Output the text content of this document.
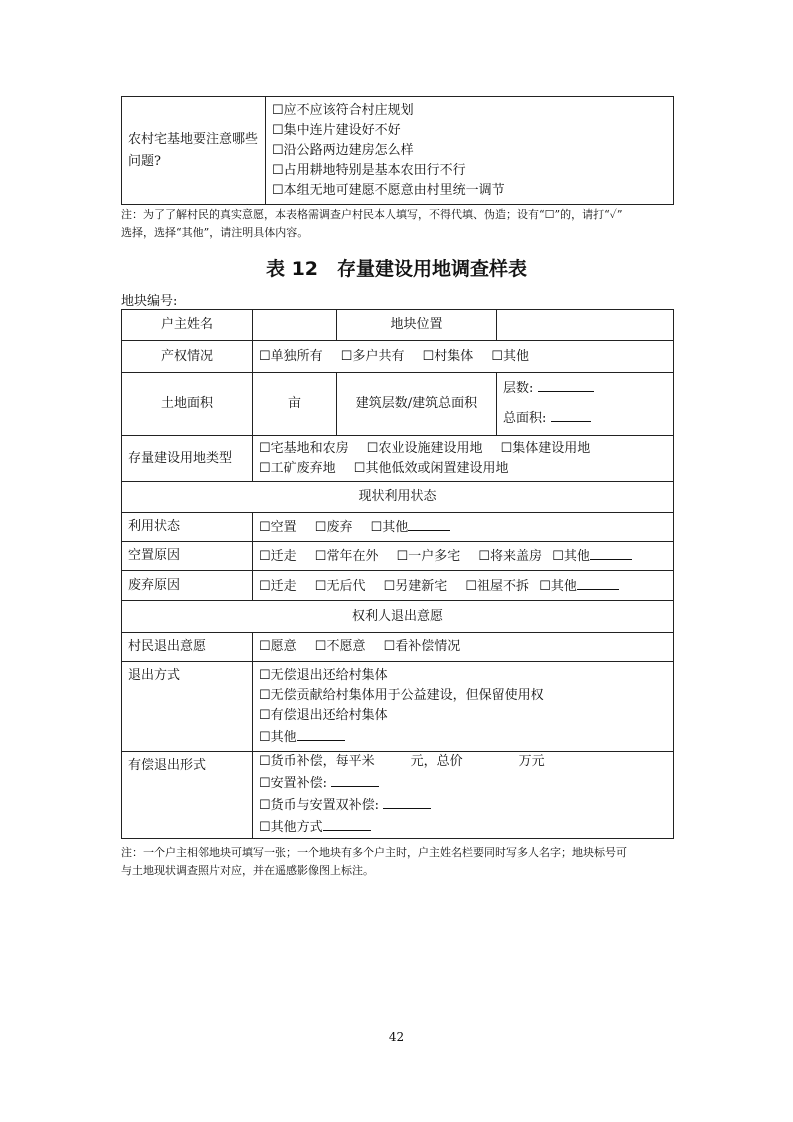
农村宅基地要注意哪些问题?	
☐应不应该符合村庄规划
☐集中连片建设好不好
☐沿公路两边建房怎么样
☐占用耕地特别是基本农田行不行
☐本组无地可建愿不愿意由村里统一调节
注：为了了解村民的真实意愿，本表格需调查户村民本人填写，不得代填、伪造；设有“☐”的，请打“✓”
选择，选择“其他”，请注明具体内容。
表 12　存量建设用地调查样表
地块编号:
户主姓名		地块位置	
产权情况	☐单独所有 ☐多户共有 ☐村集体 ☐其他		
土地面积	亩	建筑层数/建筑总面积	层数:
总面积:

存量建设用地类型	☐宅基地和农房 ☐农业设施建设用地 ☐集体建设用地
☐工矿废弃地 ☐其他低效或闲置建设用地		

现状利用状态			
利用状态	☐空置 ☐废弃 ☐其他		
空置原因	☐迁走 ☐常年在外 ☐一户多宅 ☐将来盖房 ☐其他		
废弃原因	☐迁走 ☐无后代 ☐另建新宅 ☐祖屋不拆 ☐其他		
权利人退出意愿			
村民退出意愿	☐愿意 ☐不愿意 ☐看补偿情况		
退出方式	☐无偿退出还给村集体
☐无偿贡献给村集体用于公益建设，但保留使用权
☐有偿退出还给村集体
☐其他		

有偿退出形式	☐货币补偿，每平米 元，总价 万元
☐安置补偿:
☐货币与安置双补偿:
☐其他方式		
注：一个户主相邻地块可填写一张；一个地块有多个户主时，户主姓名栏要同时写多人名字；地块标号可
与土地现状调查照片对应，并在遥感影像图上标注。
42
